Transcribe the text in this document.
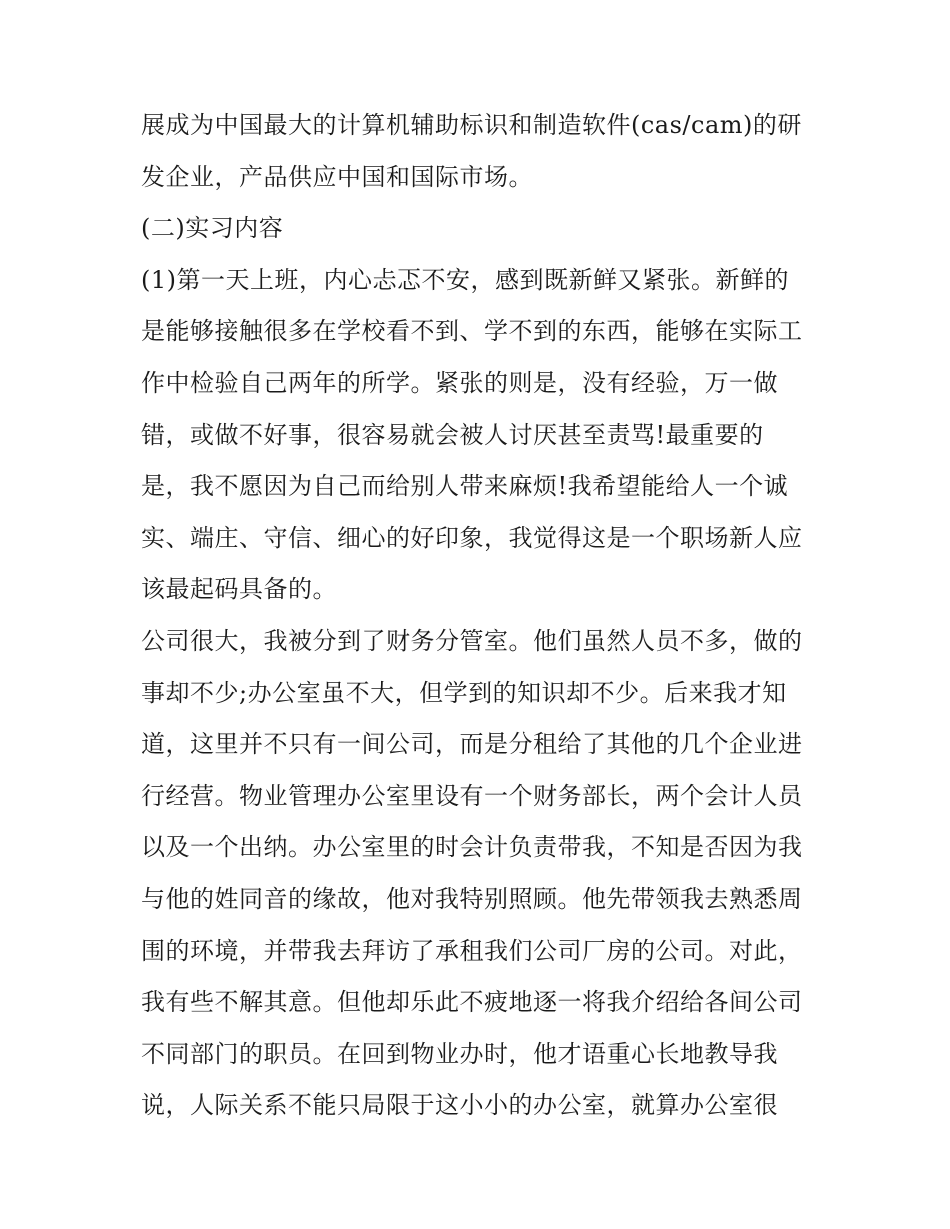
展成为中国最大的计算机辅助标识和制造软件(cas/cam)的研
发企业，产品供应中国和国际市场。
(二)实习内容
(1)第一天上班，内心忐忑不安，感到既新鲜又紧张。新鲜的
是能够接触很多在学校看不到、学不到的东西，能够在实际工
作中检验自己两年的所学。紧张的则是，没有经验，万一做
错，或做不好事，很容易就会被人讨厌甚至责骂!最重要的
是，我不愿因为自己而给别人带来麻烦!我希望能给人一个诚
实、端庄、守信、细心的好印象，我觉得这是一个职场新人应
该最起码具备的。
公司很大，我被分到了财务分管室。他们虽然人员不多，做的
事却不少;办公室虽不大，但学到的知识却不少。后来我才知
道，这里并不只有一间公司，而是分租给了其他的几个企业进
行经营。物业管理办公室里设有一个财务部长，两个会计人员
以及一个出纳。办公室里的时会计负责带我，不知是否因为我
与他的姓同音的缘故，他对我特别照顾。他先带领我去熟悉周
围的环境，并带我去拜访了承租我们公司厂房的公司。对此，
我有些不解其意。但他却乐此不疲地逐一将我介绍给各间公司
不同部门的职员。在回到物业办时，他才语重心长地教导我
说，人际关系不能只局限于这小小的办公室，就算办公室很
